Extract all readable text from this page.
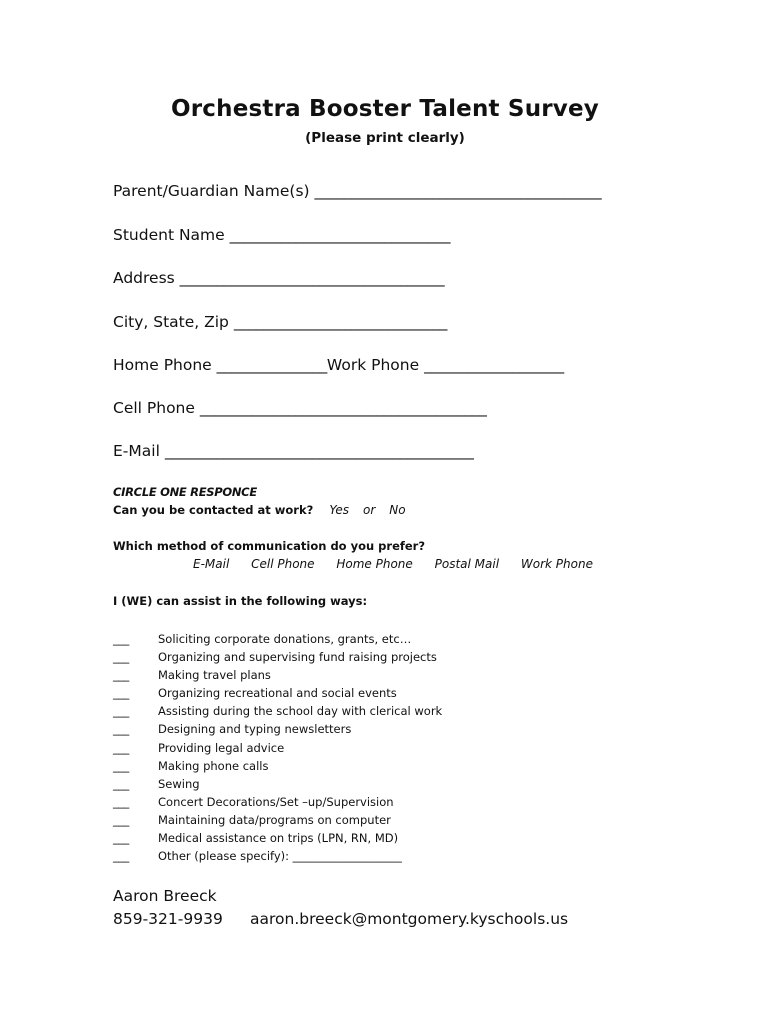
Orchestra Booster Talent Survey
(Please print clearly)
Parent/Guardian Name(s) _______________________________________
Student Name ______________________________
Address ____________________________________
City, State, Zip _____________________________
Home Phone _______________Work Phone ___________________
Cell Phone _______________________________________
E-Mail __________________________________________
CIRCLE ONE RESPONCE
Can you be contacted at work? Yes or No
Which method of communication do you prefer?
E-Mail Cell Phone Home Phone Postal Mail Work Phone
I (WE) can assist in the following ways:
___	Soliciting corporate donations, grants, etc…
___	Organizing and supervising fund raising projects
___	Making travel plans
___	Organizing recreational and social events
___	Assisting during the school day with clerical work
___	Designing and typing newsletters
___	Providing legal advice
___	Making phone calls
___	Sewing
___	Concert Decorations/Set –up/Supervision
___	Maintaining data/programs on computer
___	Medical assistance on trips (LPN, RN, MD)
___	Other (please specify): ___________________
Aaron Breeck
859-321-9939 aaron.breeck@montgomery.kyschools.us
